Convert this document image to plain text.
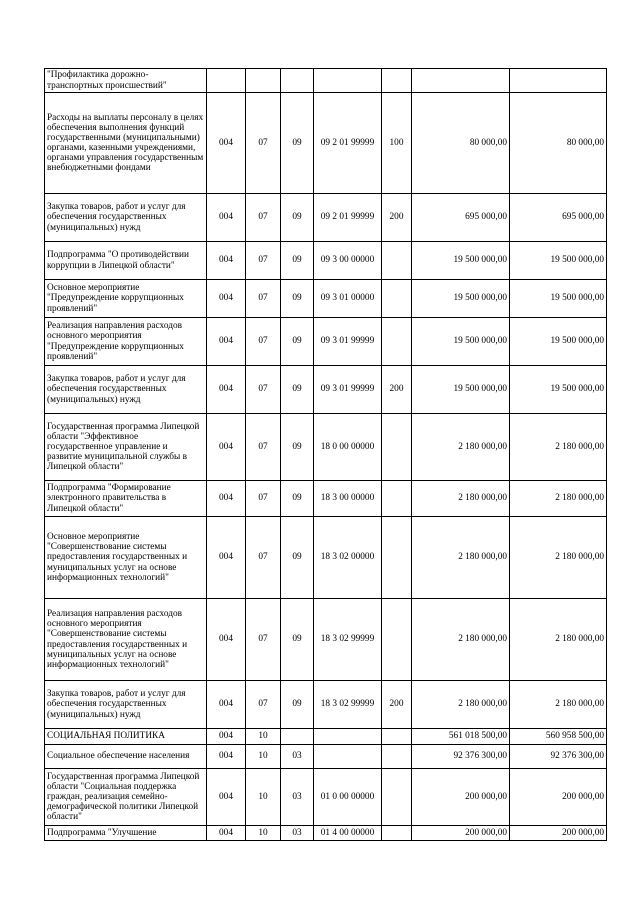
"Профилактика дорожно-транспортных происшествий"							
Расходы на выплаты персоналу в целях обеспечения выполнения функций государственными (муниципальными) органами, казенными учреждениями, органами управления государственным внебюджетными фондами	004	07	09	09 2 01 99999	100	80 000,00	80 000,00
Закупка товаров, работ и услуг для обеспечения государственных (муниципальных) нужд	004	07	09	09 2 01 99999	200	695 000,00	695 000,00
Подпрограмма "О противодействии коррупции в Липецкой области"	004	07	09	09 3 00 00000		19 500 000,00	19 500 000,00
Основное мероприятие "Предупреждение коррупционных проявлений"	004	07	09	09 3 01 00000		19 500 000,00	19 500 000,00
Реализация направления расходов основного мероприятия "Предупреждение коррупционных проявлений"	004	07	09	09 3 01 99999		19 500 000,00	19 500 000,00
Закупка товаров, работ и услуг для обеспечения государственных (муниципальных) нужд	004	07	09	09 3 01 99999	200	19 500 000,00	19 500 000,00
Государственная программа Липецкой области "Эффективное государственное управление и развитие муниципальной службы в Липецкой области"	004	07	09	18 0 00 00000		2 180 000,00	2 180 000,00
Подпрограмма "Формирование электронного правительства в Липецкой области"	004	07	09	18 3 00 00000		2 180 000,00	2 180 000,00
Основное мероприятие "Совершенствование системы предоставления государственных и муниципальных услуг на основе информационных технологий"	004	07	09	18 3 02 00000		2 180 000,00	2 180 000,00
Реализация направления расходов основного мероприятия "Совершенствование системы предоставления государственных и муниципальных услуг на основе информационных технологий"	004	07	09	18 3 02 99999		2 180 000,00	2 180 000,00
Закупка товаров, работ и услуг для обеспечения государственных (муниципальных) нужд	004	07	09	18 3 02 99999	200	2 180 000,00	2 180 000,00
СОЦИАЛЬНАЯ ПОЛИТИКА	004	10				561 018 500,00	560 958 500,00
Социальное обеспечение населения	004	10	03			92 376 300,00	92 376 300,00
Государственная программа Липецкой области "Социальная поддержка граждан, реализация семейно-демографической политики Липецкой области"	004	10	03	01 0 00 00000		200 000,00	200 000,00
Подпрограмма "Улучшение	004	10	03	01 4 00 00000		200 000,00	200 000,00
